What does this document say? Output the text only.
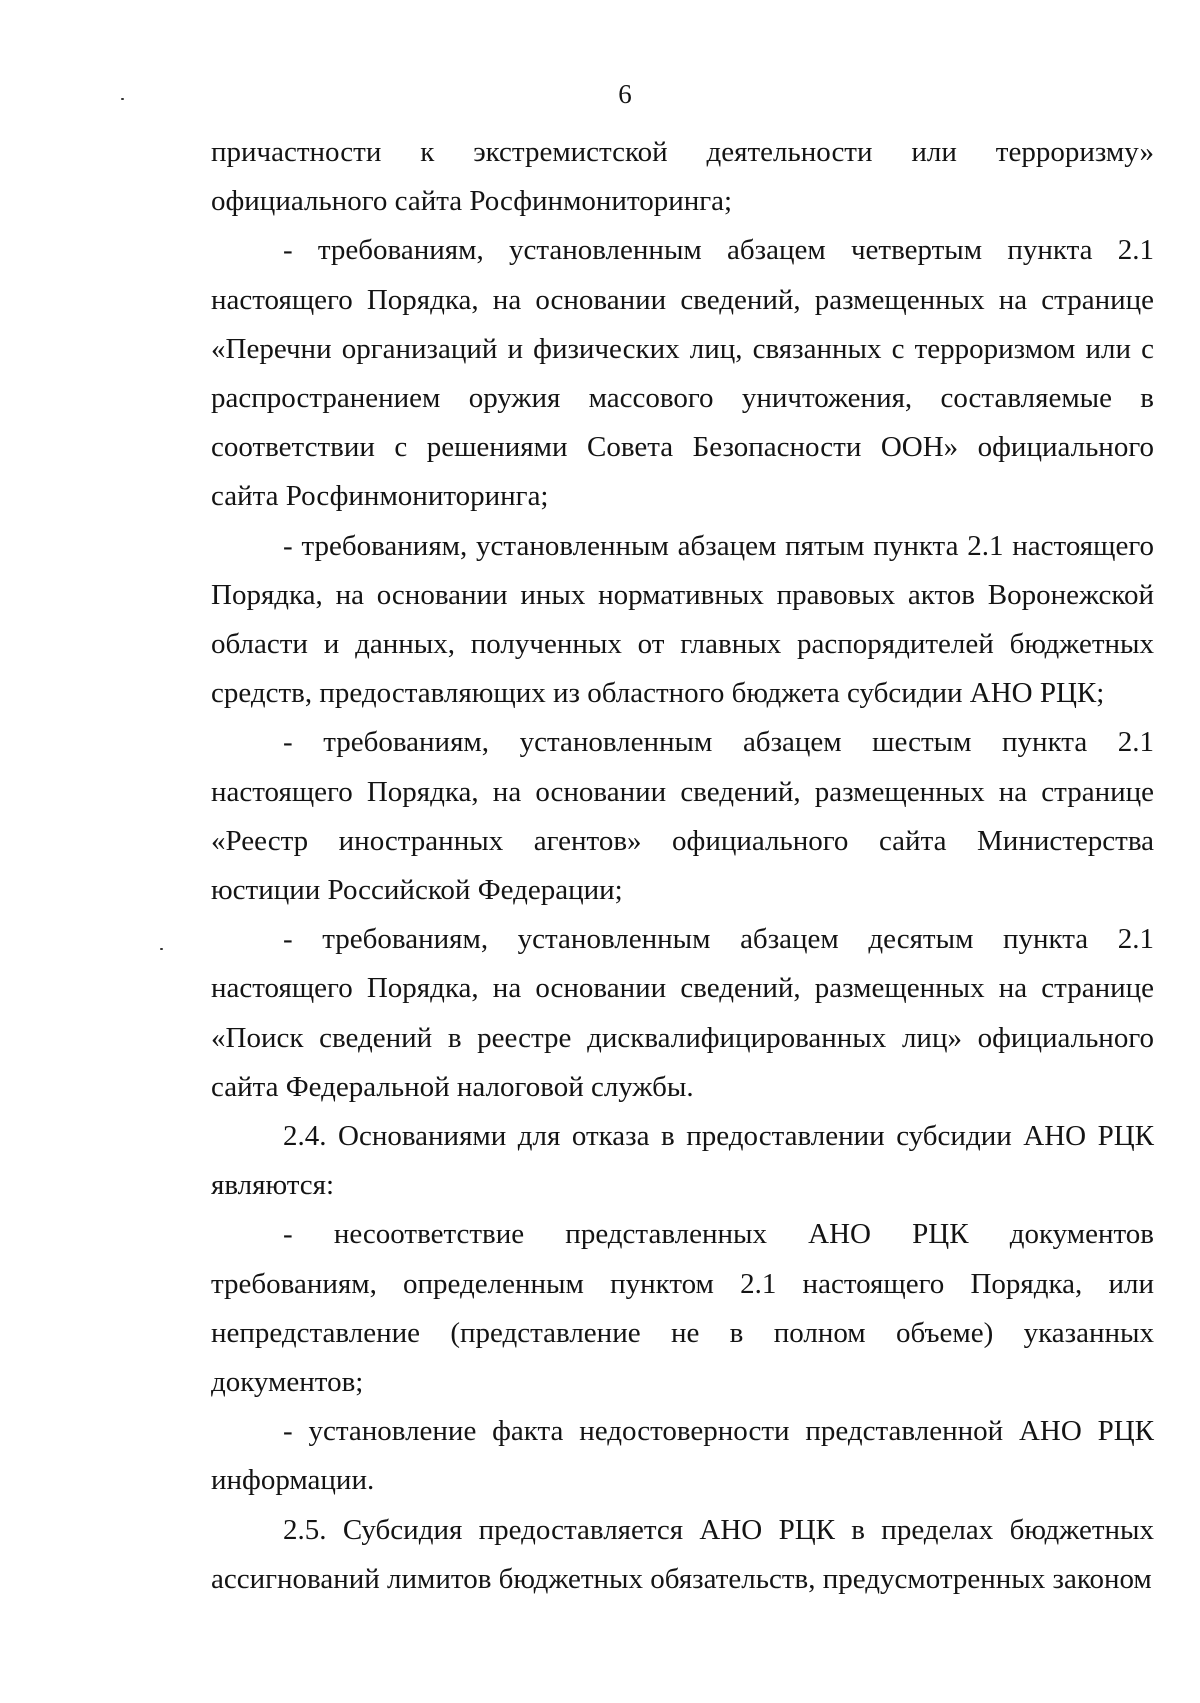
6

причастности к экстремистской деятельности или терроризму» официального сайта Росфинмониторинга;

- требованиям, установленным абзацем четвертым пункта 2.1 настоящего Порядка, на основании сведений, размещенных на странице «Перечни организаций и физических лиц, связанных с терроризмом или с распространением оружия массового уничтожения, составляемые в соответствии с решениями Совета Безопасности ООН» официального сайта Росфинмониторинга;

- требованиям, установленным абзацем пятым пункта 2.1 настоящего Порядка, на основании иных нормативных правовых актов Воронежской области и данных, полученных от главных распорядителей бюджетных средств, предоставляющих из областного бюджета субсидии АНО РЦК;

- требованиям, установленным абзацем шестым пункта 2.1 настоящего Порядка, на основании сведений, размещенных на странице «Реестр иностранных агентов» официального сайта Министерства юстиции Российской Федерации;

- требованиям, установленным абзацем десятым пункта 2.1 настоящего Порядка, на основании сведений, размещенных на странице «Поиск сведений в реестре дисквалифицированных лиц» официального сайта Федеральной налоговой службы.

2.4. Основаниями для отказа в предоставлении субсидии АНО РЦК являются:

- несоответствие представленных АНО РЦК документов требованиям, определенным пунктом 2.1 настоящего Порядка, или непредставление (представление не в полном объеме) указанных документов;

- установление факта недостоверности представленной АНО РЦК информации.

2.5. Субсидия предоставляется АНО РЦК в пределах бюджетных ассигнований лимитов бюджетных обязательств, предусмотренных законом
